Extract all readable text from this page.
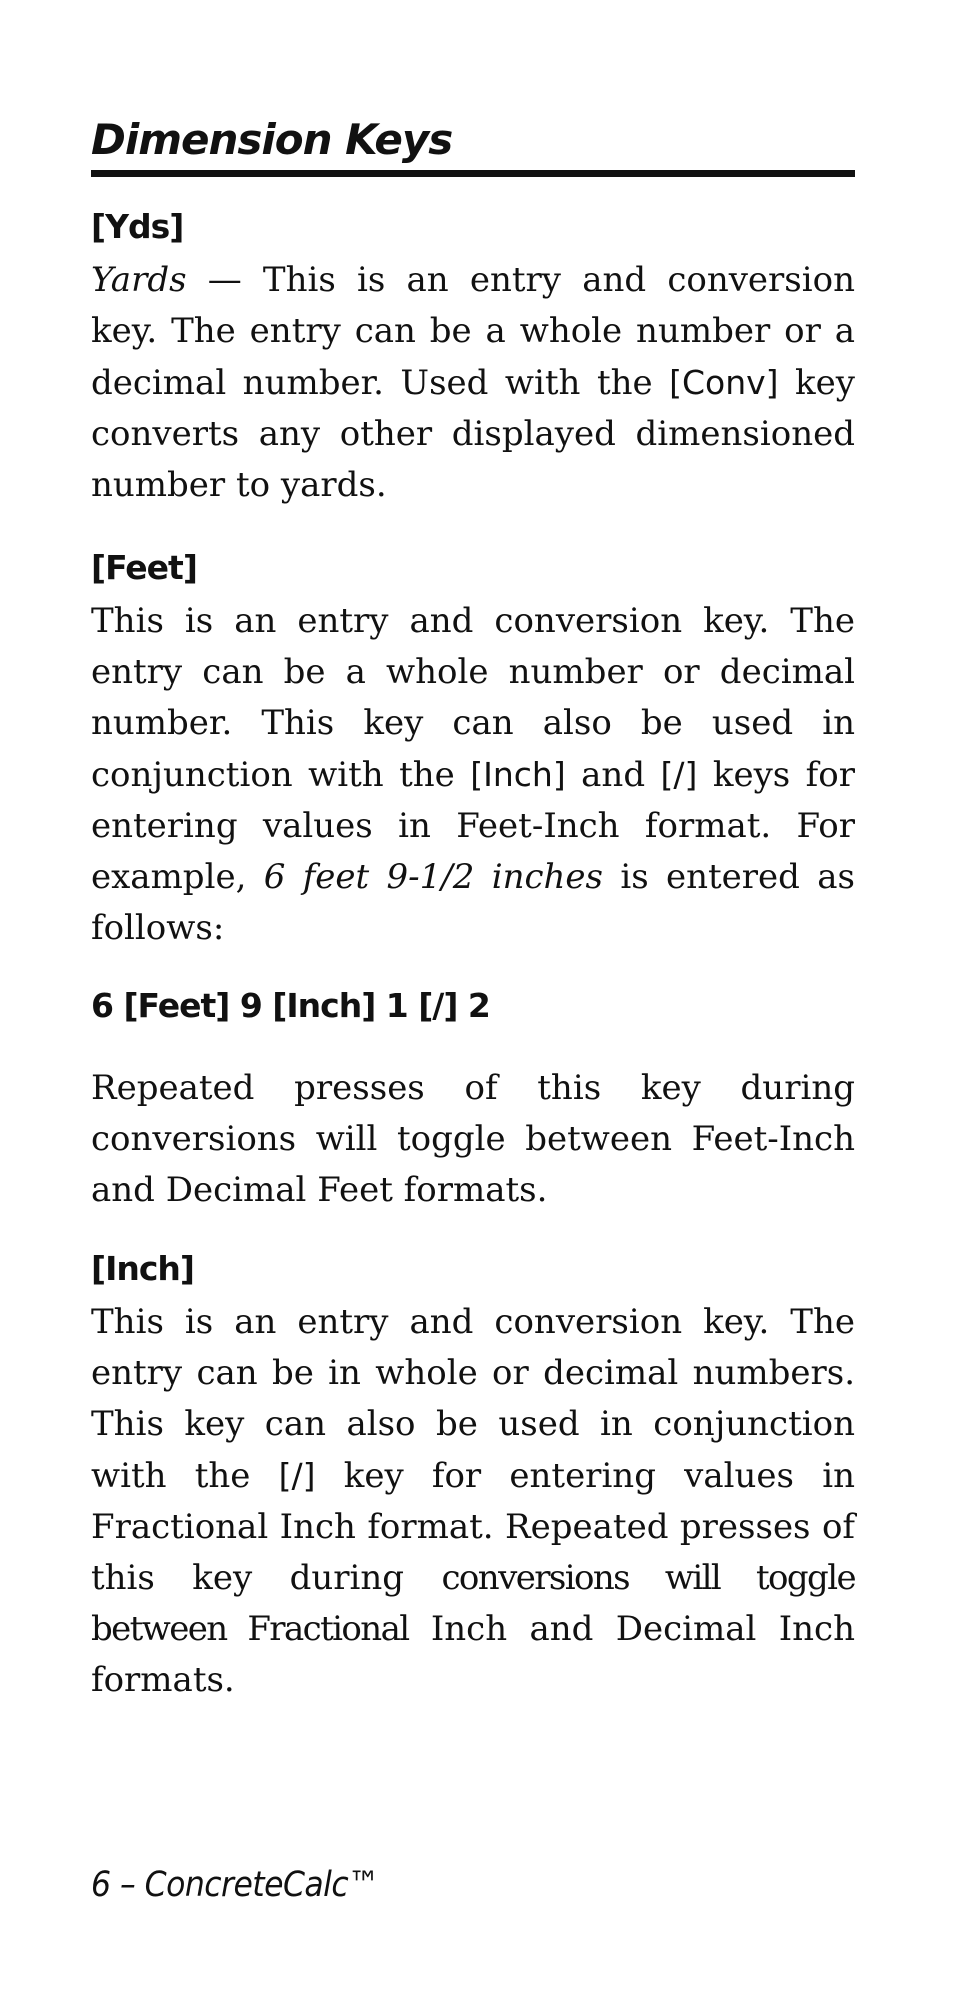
Dimension Keys
[Yds]

Yards — This is an entry and conversion key. The entry can be a whole number or a decimal number. Used with the [Conv] key converts any other displayed dimensioned number to yards.

[Feet]

This is an entry and conversion key. The entry can be a whole number or decimal number. This key can also be used in conjunction with the [Inch] and [/] keys for entering values in Feet-Inch format. For example, 6 feet 9-1/2 inches is entered as follows:

6 [Feet] 9 [Inch] 1 [/] 2

Repeated presses of this key during conversions will toggle between Feet-Inch and Decimal Feet formats.

[Inch]

This is an entry and conversion key. The entry can be in whole or decimal numbers. This key can also be used in conjunction with the [/] key for entering values in Fractional Inch format. Repeated presses of this key during conversions will toggle between Fractional Inch and Decimal Inch formats.

6 – ConcreteCalc™
